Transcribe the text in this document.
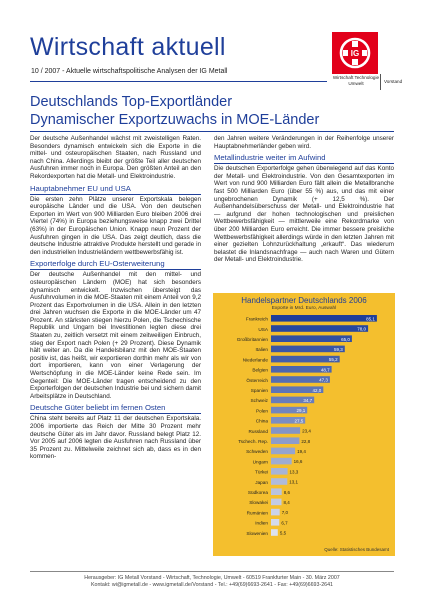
Wirtschaft aktuell
10 / 2007 - Aktuelle wirtschaftspolitische Analysen der IG Metall
IG
Wirtschaft Technologie Umwelt	Vorstand
Deutschlands Top-Exportländer
Dynamischer Exportzuwachs in MOE-Länder

Der deutsche Außenhandel wächst mit zweistelligen Raten. Besonders dynamisch entwickeln sich die Exporte in die mittel- und osteuropäischen Staaten, nach Russland und nach China. Allerdings bleibt der größte Teil aller deutschen Ausfuhren immer noch in Europa. Den größten Anteil an den Rekordexporten hat die Metall- und Elektroindustrie.

Hauptabnehmer EU und USA

Die ersten zehn Plätze unserer Exportskala belegen europäische Länder und die USA. Von den deutschen Exporten im Wert von 900 Milliarden Euro bleiben 2006 drei Viertel (74%) in Europa beziehungsweise knapp zwei Drittel (63%) in der Europäischen Union. Knapp neun Prozent der Ausfuhren gingen in die USA. Das zeigt deutlich, dass die deutsche Industrie attraktive Produkte herstellt und gerade in den industriellen Industrieländern wettbewerbsfähig ist.

Exporterfolge durch EU-Osterweiterung

Der deutsche Außenhandel mit den mittel- und osteuropäischen Ländern (MOE) hat sich besonders dynamisch entwickelt. Inzwischen übersteigt das Ausfuhrvolumen in die MOE-Staaten mit einem Anteil von 9,2 Prozent das Exportvolumen in die USA. Allein in den letzten drei Jahren wuchsen die Exporte in die MOE-Länder um 47 Prozent. An stärksten stiegen hierzu Polen, die Tschechische Republik und Ungarn bei Investitionen legten diese drei Staaten zu, zeitlich versetzt mit einem zeitweiligen Einbruch, stieg der Export nach Polen (+ 29 Prozent). Diese Dynamik hält weiter an. Da die Handelsbilanz mit den MOE-Staaten positiv ist, das heißt, wir exportieren dorthin mehr als wir von dort importieren, kann von einer Verlagerung der Wertschöpfung in die MOE-Länder keine Rede sein. Im Gegenteil: Die MOE-Länder tragen entscheidend zu den Exporterfolgen der deutschen Industrie bei und sichern damit Arbeitsplätze in Deutschland.

Deutsche Güter beliebt im fernen Osten

China steht bereits auf Platz 11 der deutschen Exportskala. 2006 importierte das Reich der Mitte 30 Prozent mehr deutsche Güter als im Jahr davor. Russland belegt Platz 12. Vor 2005 auf 2006 legten die Ausfuhren nach Russland über 35 Prozent zu. Mittelweile zeichnet sich ab, dass es in den kommen-

den Jahren weitere Veränderungen in der Reihenfolge unserer Hauptabnehmerländer geben wird.

Metallindustrie weiter im Aufwind

Die deutschen Exporterfolge gehen überwiegend auf das Konto der Metall- und Elektroindustrie. Von den Gesamtexporten im Wert von rund 900 Milliarden Euro fällt allein die Metallbranche fast 500 Milliarden Euro (über 55 %) aus, und das mit einer ungebrochenen Dynamik (+ 12,5 %). Der Außenhandelsüberschuss der Metall- und Elektroindustrie hat — aufgrund der hohen technologischen und preislichen Wettbewerbsfähigkeit — mittlerweile eine Rekordmarke von über 200 Milliarden Euro erreicht. Die immer bessere preisliche Wettbewerbsfähigkeit allerdings würde in den letzten Jahren mit einer gezielten Lohnzurückhaltung „erkauft“. Das wiederum belastet die Inlandsnachfrage — auch nach Waren und Gütern der Metall- und Elektroindustrie.

Handelspartner Deutschlands 2006
Exporte in Mrd. Euro, Auswahl
Frankreich	85,1
USA	78,0
Großbritannien	65,0
Italien	59,3
Niederlande	55,2
Belgien	48,7
Österreich	47,3
Spanien	42,0
Schweiz	34,7
Polen	29,1
China	27,5
Russland	23,4
Tschech. Rep.	22,8
Schweden	19,4
Ungarn	16,6
Türkei	13,3
Japan	13,1
Südkorea	8,6
Slowakei	8,4
Rumänien	7,0
Indien	6,7
Slowenien	5,5
Quelle: Statistisches Bundesamt
Herausgeber: IG Metall Vorstand - Wirtschaft, Technologie, Umwelt - 60519 Frankfurter Main - 30. März 2007
Kontakt: wi@igmetall.de - www.igmetall.de/Vorstand - Tel.: +49(69)6693-2641 - Fax: +49(69)6693-2641
